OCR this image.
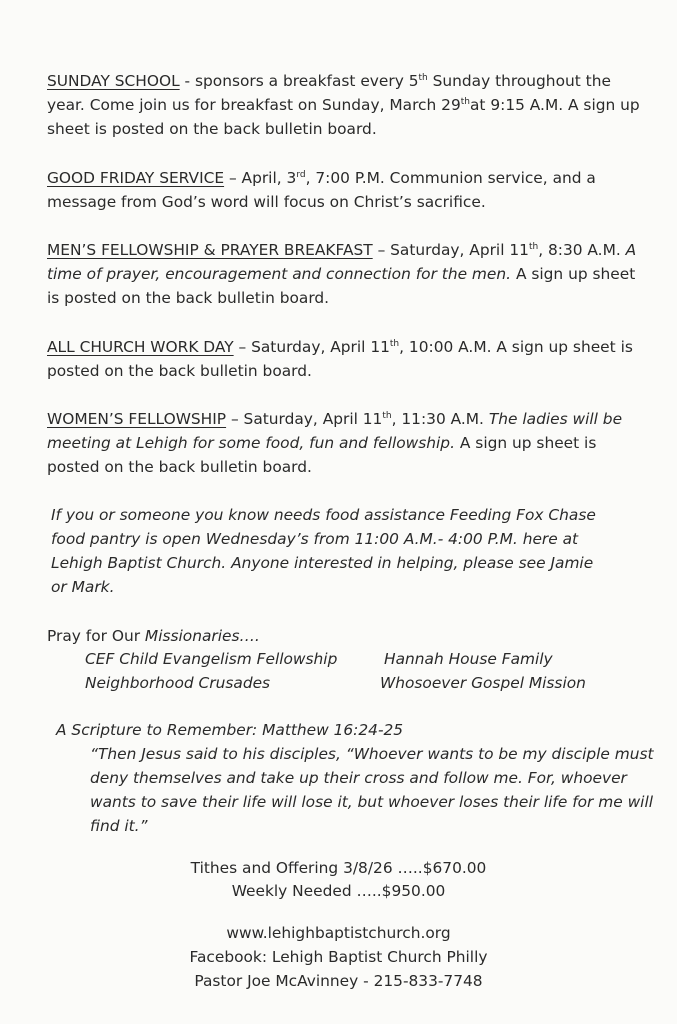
SUNDAY SCHOOL - sponsors a breakfast every 5th Sunday throughout the year. Come join us for breakfast on Sunday, March 29that 9:15 A.M. A sign up sheet is posted on the back bulletin board.
GOOD FRIDAY SERVICE – April, 3rd, 7:00 P.M. Communion service, and a message from God’s word will focus on Christ’s sacrifice.
MEN’S FELLOWSHIP & PRAYER BREAKFAST – Saturday, April 11th, 8:30 A.M. A time of prayer, encouragement and connection for the men. A sign up sheet is posted on the back bulletin board.
ALL CHURCH WORK DAY – Saturday, April 11th, 10:00 A.M. A sign up sheet is posted on the back bulletin board.
WOMEN’S FELLOWSHIP – Saturday, April 11th, 11:30 A.M. The ladies will be meeting at Lehigh for some food, fun and fellowship. A sign up sheet is posted on the back bulletin board.
If you or someone you know needs food assistance Feeding Fox Chase food pantry is open Wednesday’s from 11:00 A.M.- 4:00 P.M. here at Lehigh Baptist Church. Anyone interested in helping, please see Jamie or Mark.
Pray for Our Missionaries….
CEF Child Evangelism Fellowship	Hannah House Family
Neighborhood Crusades	Whosoever Gospel Mission
A Scripture to Remember: Matthew 16:24-25
“Then Jesus said to his disciples, “Whoever wants to be my disciple must deny themselves and take up their cross and follow me. For, whoever wants to save their life will lose it, but whoever loses their life for me will find it.”
Tithes and Offering 3/8/26 …..$670.00
Weekly Needed …..$950.00
www.lehighbaptistchurch.org
Facebook: Lehigh Baptist Church Philly
Pastor Joe McAvinney - 215-833-7748
